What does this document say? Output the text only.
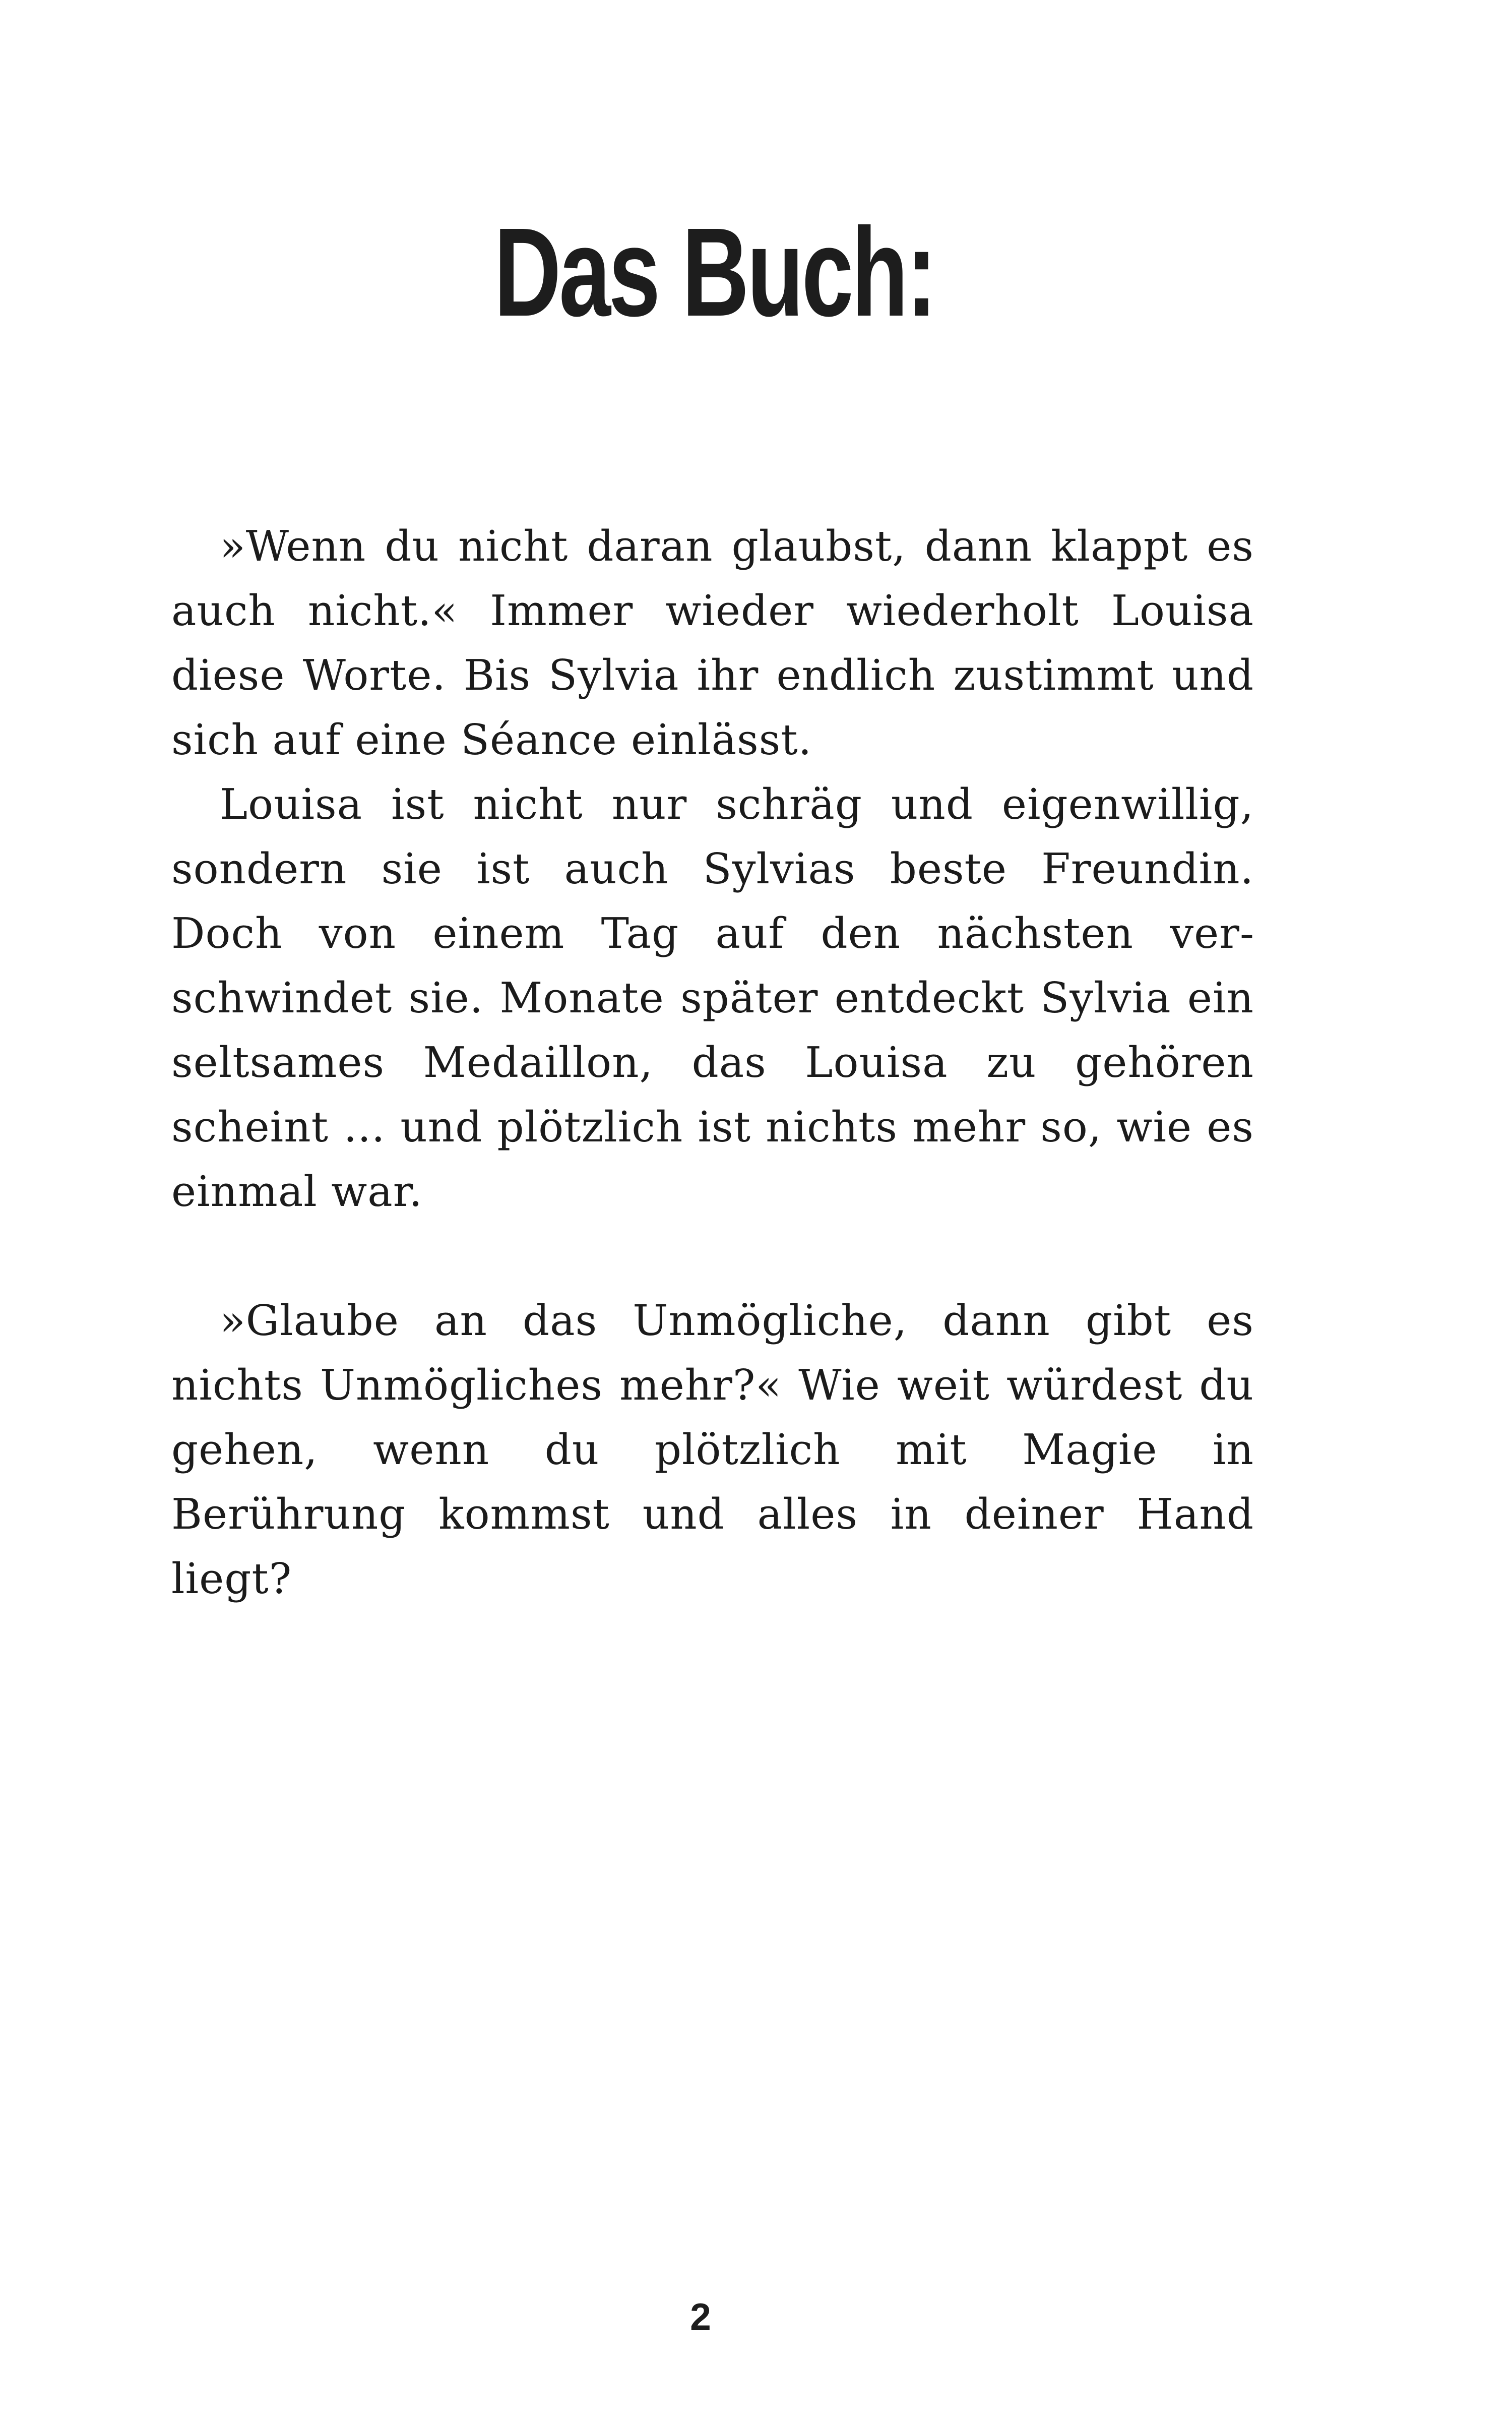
Das Buch:

»Wenn du nicht daran glaubst, dann klappt es auch nicht.« Immer wieder wiederholt Louisa diese Worte. Bis Sylvia ihr endlich zustimmt und sich auf eine Séance einlässt.

Louisa ist nicht nur schräg und eigenwillig, sondern sie ist auch Sylvias beste Freundin. Doch von einem Tag auf den nächsten verschwindet sie. Monate später entdeckt Sylvia ein seltsames Medaillon, das Louisa zu gehören scheint … und plötzlich ist nichts mehr so, wie es einmal war.

»Glaube an das Unmögliche, dann gibt es nichts Unmögliches mehr?« Wie weit würdest du gehen, wenn du plötzlich mit Magie in Berührung kommst und alles in deiner Hand liegt?

2
